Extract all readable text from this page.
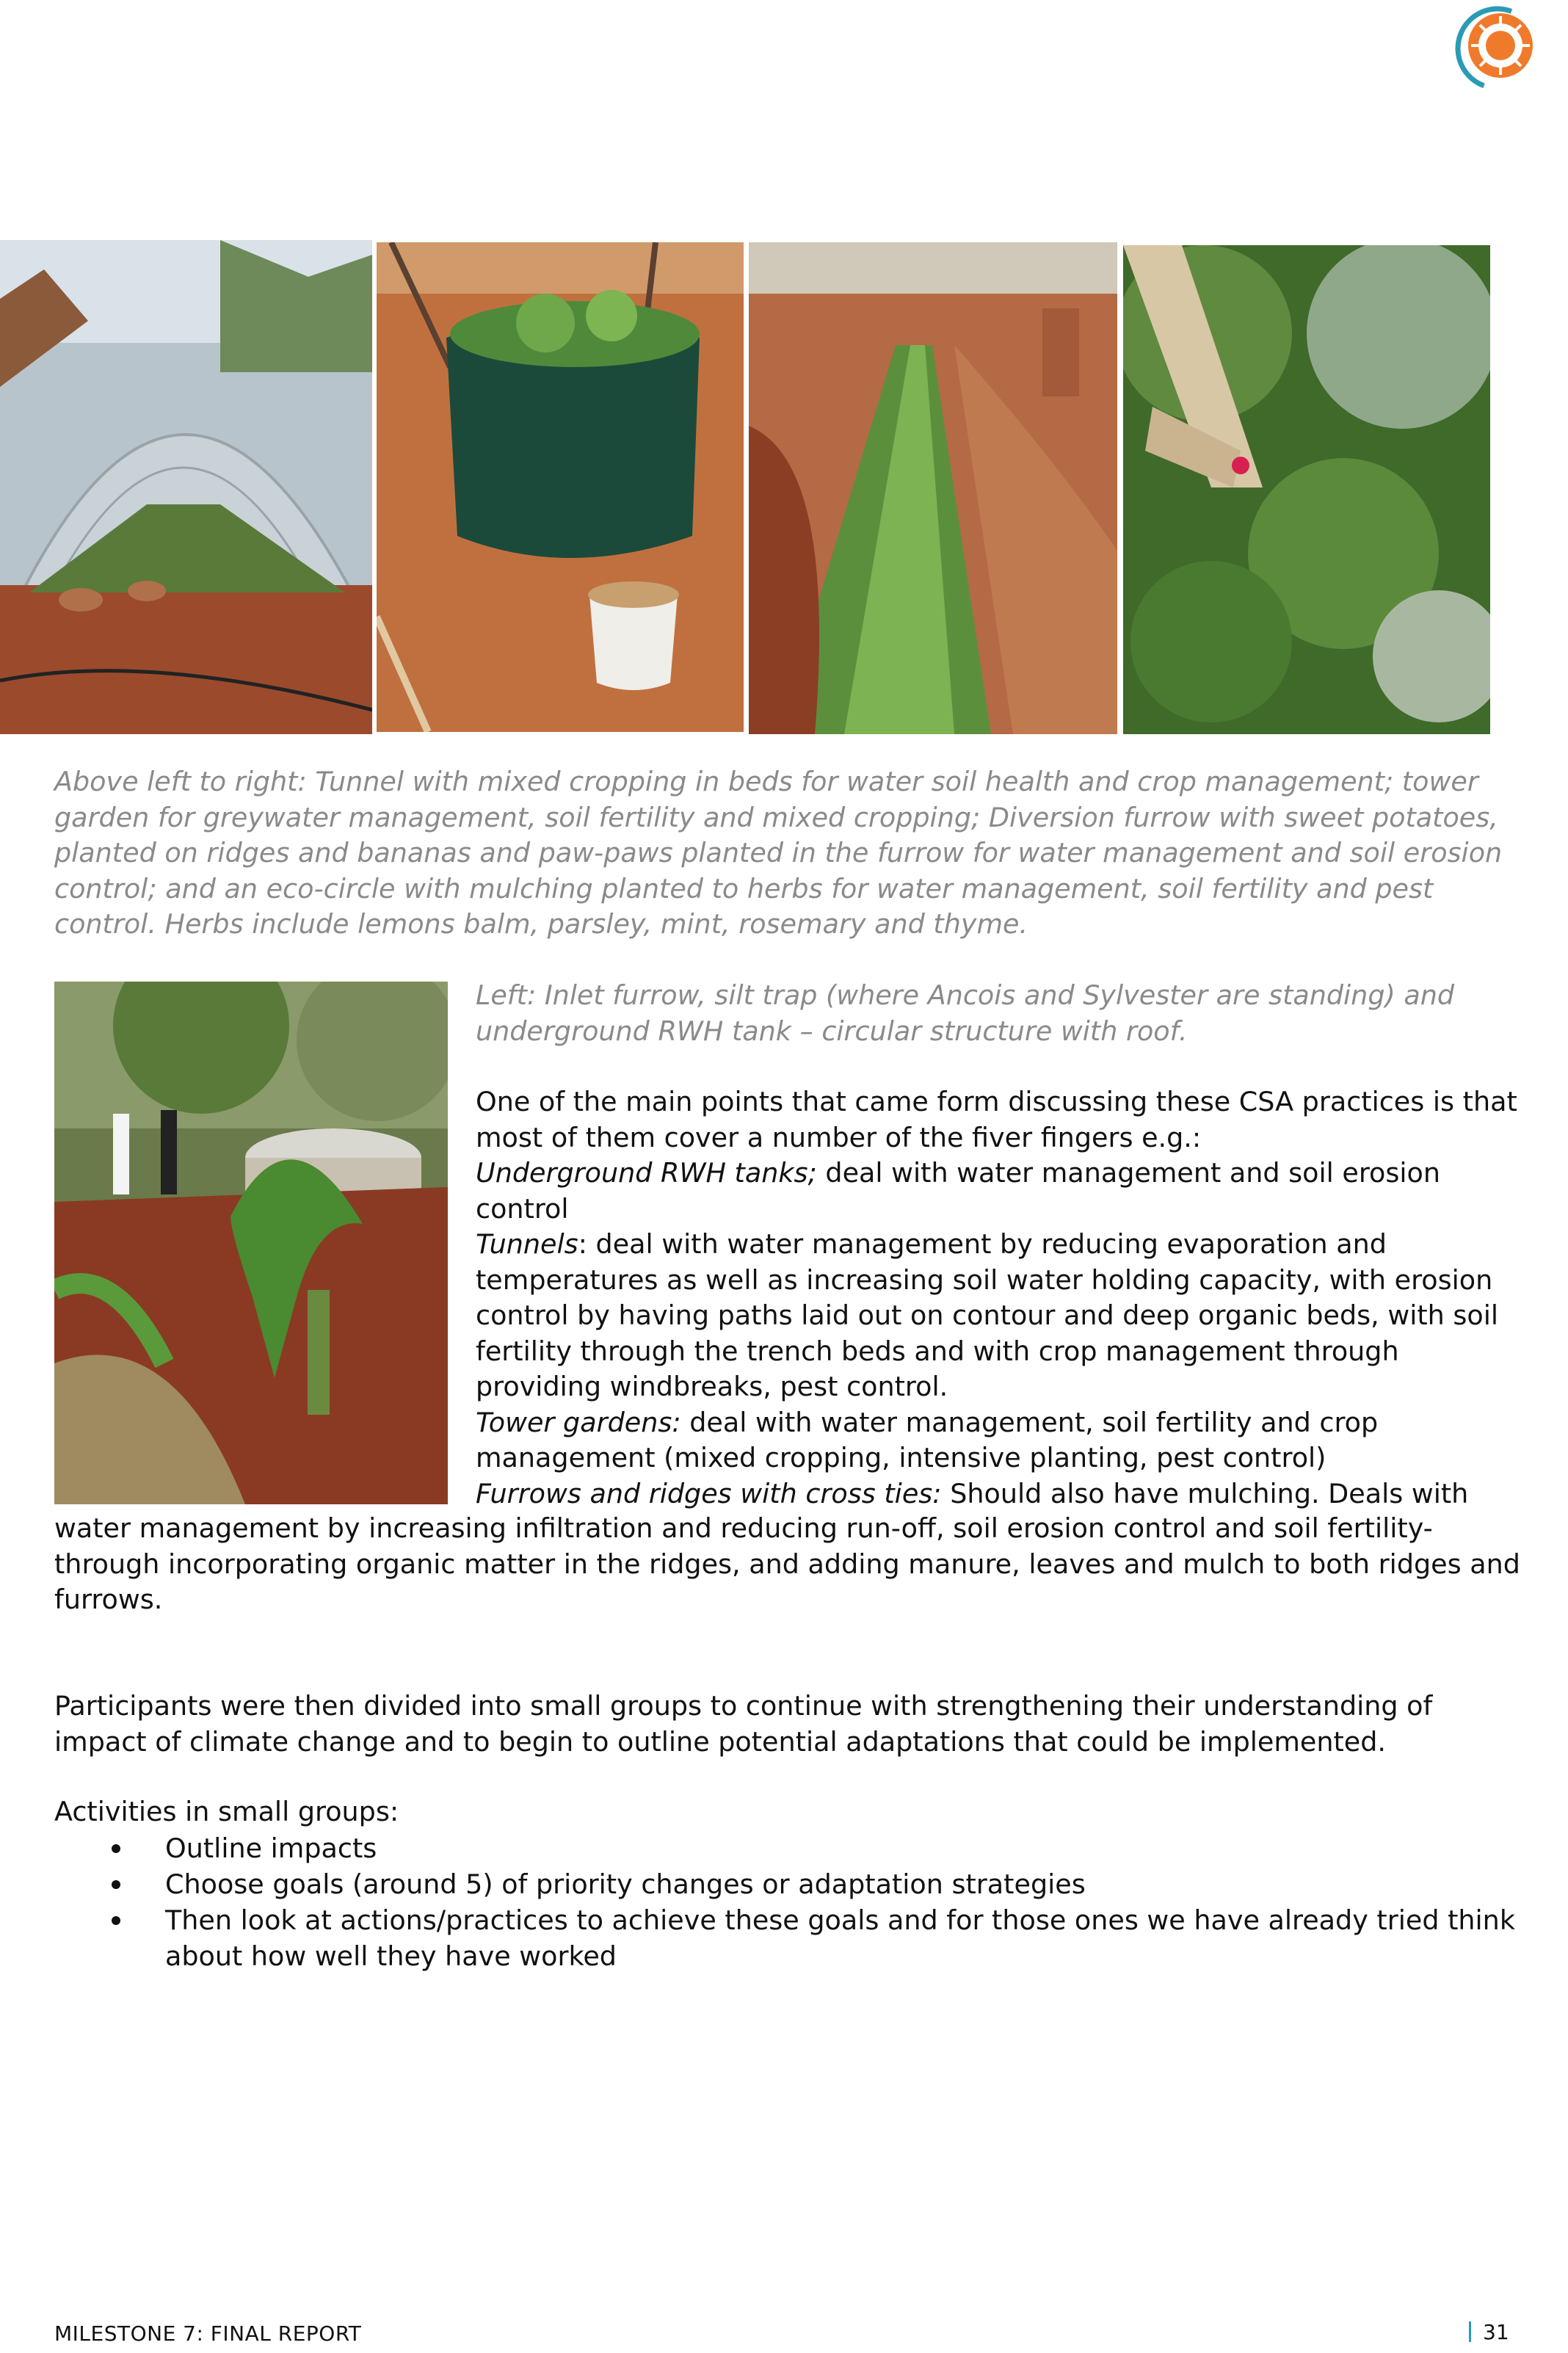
Above left to right: Tunnel with mixed cropping in beds for water soil health and crop management; tower garden for greywater management, soil fertility and mixed cropping; Diversion furrow with sweet potatoes, planted on ridges and bananas and paw-paws planted in the furrow for water management and soil erosion control; and an eco-circle with mulching planted to herbs for water management, soil fertility and pest control. Herbs include lemons balm, parsley, mint, rosemary and thyme.
Left: Inlet furrow, silt trap (where Ancois and Sylvester are standing) and underground RWH tank – circular structure with roof.

One of the main points that came form discussing these CSA practices is that most of them cover a number of the fiver fingers e.g.:

Underground RWH tanks; deal with water management and soil erosion control

Tunnels: deal with water management by reducing evaporation and temperatures as well as increasing soil water holding capacity, with erosion control by having paths laid out on contour and deep organic beds, with soil fertility through the trench beds and with crop management through providing windbreaks, pest control.

Tower gardens: deal with water management, soil fertility and crop management (mixed cropping, intensive planting, pest control)

Furrows and ridges with cross ties: Should also have mulching. Deals with

water management by increasing infiltration and reducing run-off, soil erosion control and soil fertility- through incorporating organic matter in the ridges, and adding manure, leaves and mulch to both ridges and furrows.
Participants were then divided into small groups to continue with strengthening their understanding of impact of climate change and to begin to outline potential adaptations that could be implemented.
Activities in small groups:
Outline impacts
Choose goals (around 5) of priority changes or adaptation strategies
Then look at actions/practices to achieve these goals and for those ones we have already tried think about how well they have worked
MILESTONE 7: FINAL REPORT	31
